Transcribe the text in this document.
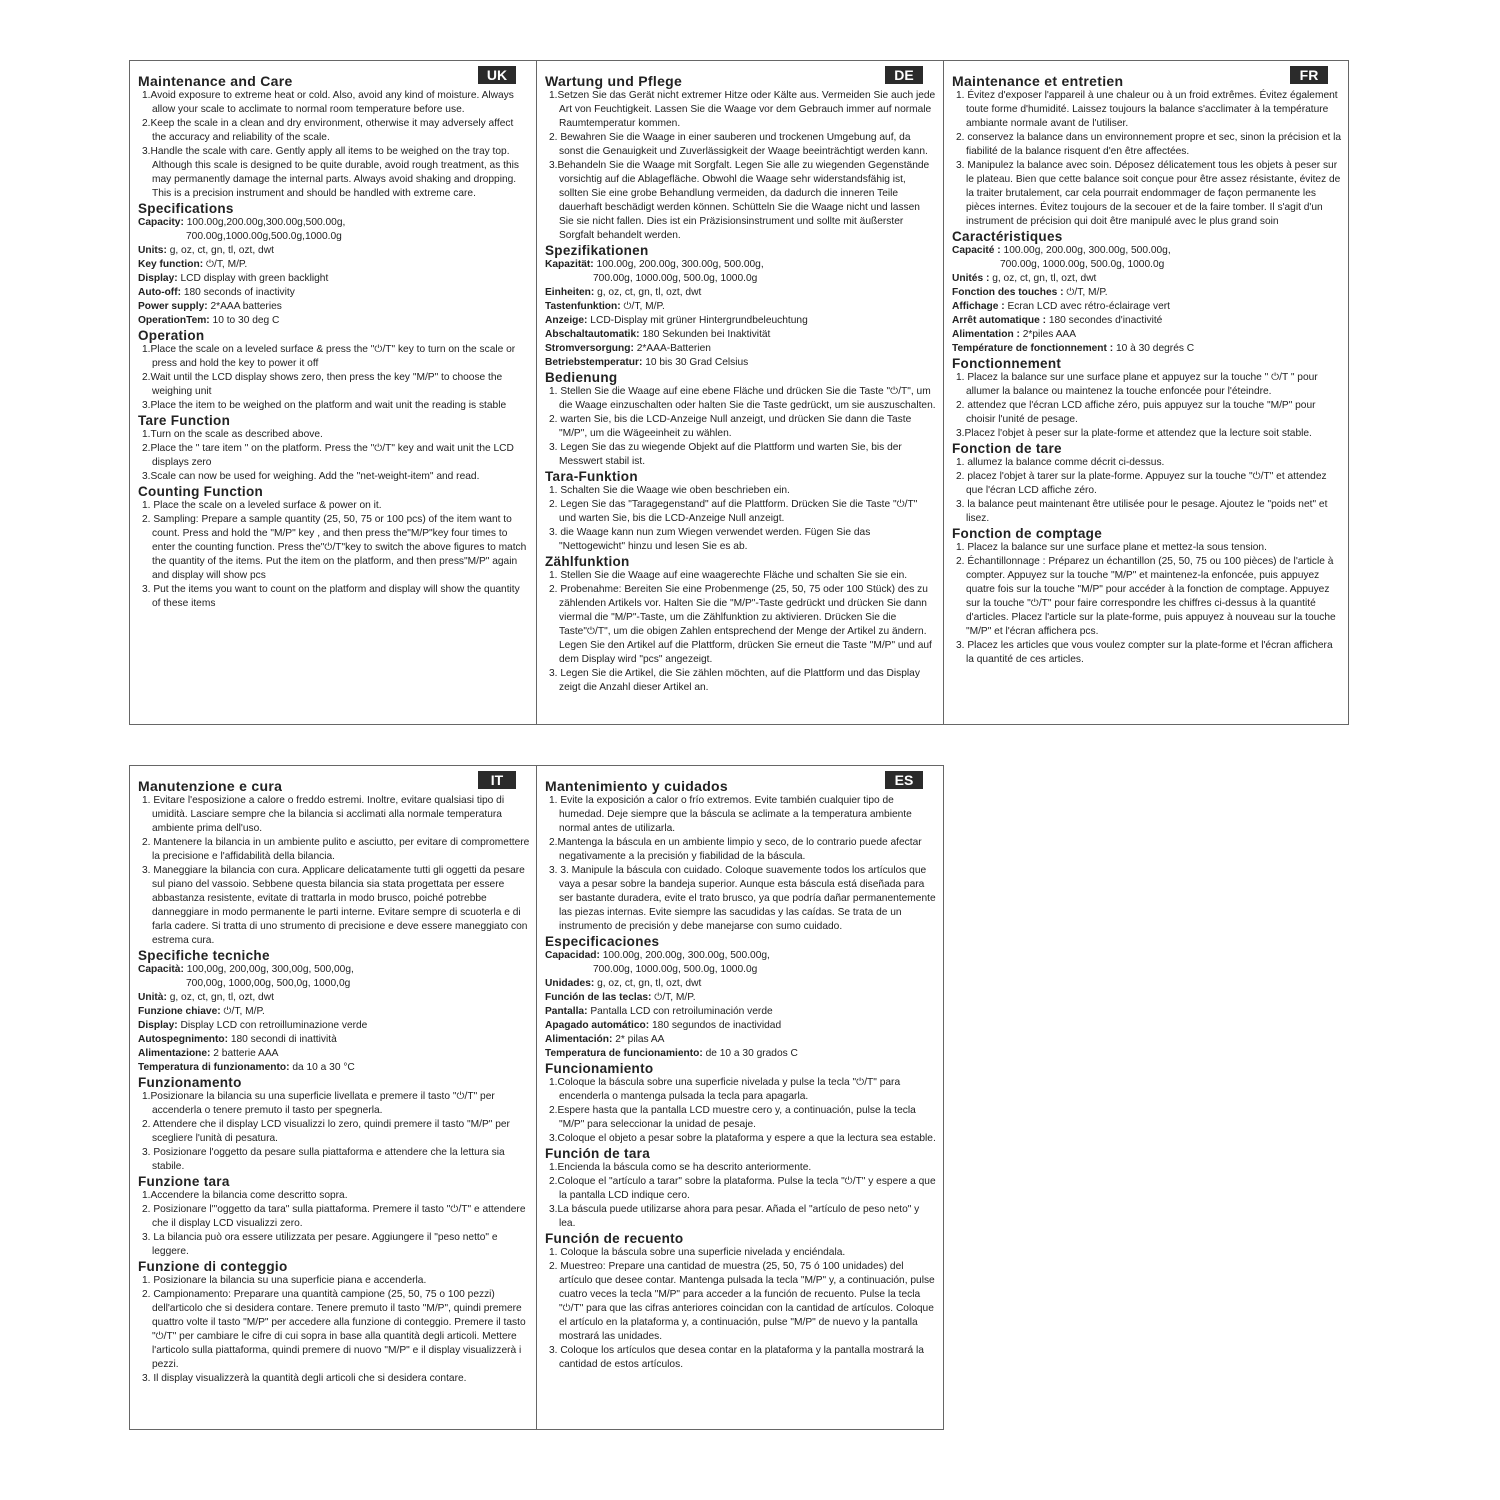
UK
Maintenance and Care

1.Avoid exposure to extreme heat or cold. Also, avoid any kind of moisture. Always allow your scale to acclimate to normal room temperature before use.

2.Keep the scale in a clean and dry environment, otherwise it may adversely affect the accuracy and reliability of the scale.

3.Handle the scale with care. Gently apply all items to be weighed on the tray top. Although this scale is designed to be quite durable, avoid rough treatment, as this may permanently damage the internal parts. Always avoid shaking and dropping. This is a precision instrument and should be handled with extreme care.

Specifications

Capacity: 100.00g,200.00g,300.00g,500.00g,

700.00g,1000.00g,500.0g,1000.0g

Units: g, oz, ct, gn, tl, ozt, dwt

Key function: ⏻/T, M/P.

Display: LCD display with green backlight

Auto-off: 180 seconds of inactivity

Power supply: 2*AAA batteries

OperationTem: 10 to 30 deg C

Operation

1.Place the scale on a leveled surface & press the "⏻/T" key to turn on the scale or press and hold the key to power it off

2.Wait until the LCD display shows zero, then press the key "M/P" to choose the weighing unit

3.Place the item to be weighed on the platform and wait unit the reading is stable

Tare Function

1.Turn on the scale as described above.

2.Place the " tare item " on the platform. Press the "⏻/T" key and wait unit the LCD displays zero

3.Scale can now be used for weighing. Add the "net-weight-item" and read.

Counting Function

1. Place the scale on a leveled surface & power on it.

2. Sampling: Prepare a sample quantity (25, 50, 75 or 100 pcs) of the item want to count. Press and hold the "M/P" key , and then press the"M/P"key four times to enter the counting function. Press the"⏻/T"key to switch the above figures to match the quantity of the items. Put the item on the platform, and then press"M/P" again and display will show pcs

3. Put the items you want to count on the platform and display will show the quantity of these items

DE
Wartung und Pflege

1.Setzen Sie das Gerät nicht extremer Hitze oder Kälte aus. Vermeiden Sie auch jede Art von Feuchtigkeit. Lassen Sie die Waage vor dem Gebrauch immer auf normale Raumtemperatur kommen.

2. Bewahren Sie die Waage in einer sauberen und trockenen Umgebung auf, da sonst die Genauigkeit und Zuverlässigkeit der Waage beeinträchtigt werden kann.

3.Behandeln Sie die Waage mit Sorgfalt. Legen Sie alle zu wiegenden Gegenstände vorsichtig auf die Ablagefläche. Obwohl die Waage sehr widerstandsfähig ist, sollten Sie eine grobe Behandlung vermeiden, da dadurch die inneren Teile dauerhaft beschädigt werden können. Schütteln Sie die Waage nicht und lassen Sie sie nicht fallen. Dies ist ein Präzisionsinstrument und sollte mit äußerster Sorgfalt behandelt werden.

Spezifikationen

Kapazität: 100.00g, 200.00g, 300.00g, 500.00g,

700.00g, 1000.00g, 500.0g, 1000.0g

Einheiten: g, oz, ct, gn, tl, ozt, dwt

Tastenfunktion: ⏻/T, M/P.

Anzeige: LCD-Display mit grüner Hintergrundbeleuchtung

Abschaltautomatik: 180 Sekunden bei Inaktivität

Stromversorgung: 2*AAA-Batterien

Betriebstemperatur: 10 bis 30 Grad Celsius

Bedienung

1. Stellen Sie die Waage auf eine ebene Fläche und drücken Sie die Taste "⏻/T", um die Waage einzuschalten oder halten Sie die Taste gedrückt, um sie auszuschalten.

2. warten Sie, bis die LCD-Anzeige Null anzeigt, und drücken Sie dann die Taste "M/P", um die Wägeeinheit zu wählen.

3. Legen Sie das zu wiegende Objekt auf die Plattform und warten Sie, bis der Messwert stabil ist.

Tara-Funktion

1. Schalten Sie die Waage wie oben beschrieben ein.

2. Legen Sie das "Taragegenstand" auf die Plattform. Drücken Sie die Taste "⏻/T" und warten Sie, bis die LCD-Anzeige Null anzeigt.

3. die Waage kann nun zum Wiegen verwendet werden. Fügen Sie das "Nettogewicht" hinzu und lesen Sie es ab.

Zählfunktion

1. Stellen Sie die Waage auf eine waagerechte Fläche und schalten Sie sie ein.

2. Probenahme: Bereiten Sie eine Probenmenge (25, 50, 75 oder 100 Stück) des zu zählenden Artikels vor. Halten Sie die "M/P"-Taste gedrückt und drücken Sie dann viermal die "M/P"-Taste, um die Zählfunktion zu aktivieren. Drücken Sie die Taste"⏻/T", um die obigen Zahlen entsprechend der Menge der Artikel zu ändern. Legen Sie den Artikel auf die Plattform, drücken Sie erneut die Taste "M/P" und auf dem Display wird "pcs" angezeigt.

3. Legen Sie die Artikel, die Sie zählen möchten, auf die Plattform und das Display zeigt die Anzahl dieser Artikel an.

FR
Maintenance et entretien

1. Évitez d'exposer l'appareil à une chaleur ou à un froid extrêmes. Évitez également toute forme d'humidité. Laissez toujours la balance s'acclimater à la température ambiante normale avant de l'utiliser.

2. conservez la balance dans un environnement propre et sec, sinon la précision et la fiabilité de la balance risquent d'en être affectées.

3. Manipulez la balance avec soin. Déposez délicatement tous les objets à peser sur le plateau. Bien que cette balance soit conçue pour être assez résistante, évitez de la traiter brutalement, car cela pourrait endommager de façon permanente les pièces internes. Évitez toujours de la secouer et de la faire tomber. Il s'agit d'un instrument de précision qui doit être manipulé avec le plus grand soin

Caractéristiques

Capacité : 100.00g, 200.00g, 300.00g, 500.00g,

700.00g, 1000.00g, 500.0g, 1000.0g

Unités : g, oz, ct, gn, tl, ozt, dwt

Fonction des touches : ⏻/T, M/P.

Affichage : Ecran LCD avec rétro-éclairage vert

Arrêt automatique : 180 secondes d'inactivité

Alimentation : 2*piles AAA

Température de fonctionnement : 10 à 30 degrés C

Fonctionnement

1. Placez la balance sur une surface plane et appuyez sur la touche " ⏻/T " pour allumer la balance ou maintenez la touche enfoncée pour l'éteindre.

2. attendez que l'écran LCD affiche zéro, puis appuyez sur la touche "M/P" pour choisir l'unité de pesage.

3.Placez l'objet à peser sur la plate-forme et attendez que la lecture soit stable.

Fonction de tare

1. allumez la balance comme décrit ci-dessus.

2. placez l'objet à tarer sur la plate-forme. Appuyez sur la touche "⏻/T" et attendez que l'écran LCD affiche zéro.

3. la balance peut maintenant être utilisée pour le pesage. Ajoutez le "poids net" et lisez.

Fonction de comptage

1. Placez la balance sur une surface plane et mettez-la sous tension.

2. Échantillonnage : Préparez un échantillon (25, 50, 75 ou 100 pièces) de l'article à compter. Appuyez sur la touche "M/P" et maintenez-la enfoncée, puis appuyez quatre fois sur la touche "M/P" pour accéder à la fonction de comptage. Appuyez sur la touche "⏻/T" pour faire correspondre les chiffres ci-dessus à la quantité d'articles. Placez l'article sur la plate-forme, puis appuyez à nouveau sur la touche "M/P" et l'écran affichera pcs.

3. Placez les articles que vous voulez compter sur la plate-forme et l'écran affichera la quantité de ces articles.

IT
Manutenzione e cura

1. Evitare l'esposizione a calore o freddo estremi. Inoltre, evitare qualsiasi tipo di umidità. Lasciare sempre che la bilancia si acclimati alla normale temperatura ambiente prima dell'uso.

2. Mantenere la bilancia in un ambiente pulito e asciutto, per evitare di compromettere la precisione e l'affidabilità della bilancia.

3. Maneggiare la bilancia con cura. Applicare delicatamente tutti gli oggetti da pesare sul piano del vassoio. Sebbene questa bilancia sia stata progettata per essere abbastanza resistente, evitate di trattarla in modo brusco, poiché potrebbe danneggiare in modo permanente le parti interne. Evitare sempre di scuoterla e di farla cadere. Si tratta di uno strumento di precisione e deve essere maneggiato con estrema cura.

Specifiche tecniche

Capacità: 100,00g, 200,00g, 300,00g, 500,00g,

700,00g, 1000,00g, 500,0g, 1000,0g

Unità: g, oz, ct, gn, tl, ozt, dwt

Funzione chiave: ⏻/T, M/P.

Display: Display LCD con retroilluminazione verde

Autospegnimento: 180 secondi di inattività

Alimentazione: 2 batterie AAA

Temperatura di funzionamento: da 10 a 30 °C

Funzionamento

1.Posizionare la bilancia su una superficie livellata e premere il tasto "⏻/T" per accenderla o tenere premuto il tasto per spegnerla.

2. Attendere che il display LCD visualizzi lo zero, quindi premere il tasto "M/P" per scegliere l'unità di pesatura.

3. Posizionare l'oggetto da pesare sulla piattaforma e attendere che la lettura sia stabile.

Funzione tara

1.Accendere la bilancia come descritto sopra.

2. Posizionare l'"oggetto da tara" sulla piattaforma. Premere il tasto "⏻/T" e attendere che il display LCD visualizzi zero.

3. La bilancia può ora essere utilizzata per pesare. Aggiungere il "peso netto" e leggere.

Funzione di conteggio

1. Posizionare la bilancia su una superficie piana e accenderla.

2. Campionamento: Preparare una quantità campione (25, 50, 75 o 100 pezzi) dell'articolo che si desidera contare. Tenere premuto il tasto "M/P", quindi premere quattro volte il tasto "M/P" per accedere alla funzione di conteggio. Premere il tasto "⏻/T" per cambiare le cifre di cui sopra in base alla quantità degli articoli. Mettere l'articolo sulla piattaforma, quindi premere di nuovo "M/P" e il display visualizzerà i pezzi.

3. Il display visualizzerà la quantità degli articoli che si desidera contare.

ES
Mantenimiento y cuidados

1. Evite la exposición a calor o frío extremos. Evite también cualquier tipo de humedad. Deje siempre que la báscula se aclimate a la temperatura ambiente normal antes de utilizarla.

2.Mantenga la báscula en un ambiente limpio y seco, de lo contrario puede afectar negativamente a la precisión y fiabilidad de la báscula.

3. 3. Manipule la báscula con cuidado. Coloque suavemente todos los artículos que vaya a pesar sobre la bandeja superior. Aunque esta báscula está diseñada para ser bastante duradera, evite el trato brusco, ya que podría dañar permanentemente las piezas internas. Evite siempre las sacudidas y las caídas. Se trata de un instrumento de precisión y debe manejarse con sumo cuidado.

Especificaciones

Capacidad: 100.00g, 200.00g, 300.00g, 500.00g,

700.00g, 1000.00g, 500.0g, 1000.0g

Unidades: g, oz, ct, gn, tl, ozt, dwt

Función de las teclas: ⏻/T, M/P.

Pantalla: Pantalla LCD con retroiluminación verde

Apagado automático: 180 segundos de inactividad

Alimentación: 2* pilas AA

Temperatura de funcionamiento: de 10 a 30 grados C

Funcionamiento

1.Coloque la báscula sobre una superficie nivelada y pulse la tecla "⏻/T" para encenderla o mantenga pulsada la tecla para apagarla.

2.Espere hasta que la pantalla LCD muestre cero y, a continuación, pulse la tecla "M/P" para seleccionar la unidad de pesaje.

3.Coloque el objeto a pesar sobre la plataforma y espere a que la lectura sea estable.

Función de tara

1.Encienda la báscula como se ha descrito anteriormente.

2.Coloque el "artículo a tarar" sobre la plataforma. Pulse la tecla "⏻/T" y espere a que la pantalla LCD indique cero.

3.La báscula puede utilizarse ahora para pesar. Añada el "artículo de peso neto" y lea.

Función de recuento

1. Coloque la báscula sobre una superficie nivelada y enciéndala.

2. Muestreo: Prepare una cantidad de muestra (25, 50, 75 ó 100 unidades) del artículo que desee contar. Mantenga pulsada la tecla "M/P" y, a continuación, pulse cuatro veces la tecla "M/P" para acceder a la función de recuento. Pulse la tecla "⏻/T" para que las cifras anteriores coincidan con la cantidad de artículos. Coloque el artículo en la plataforma y, a continuación, pulse "M/P" de nuevo y la pantalla mostrará las unidades.

3. Coloque los artículos que desea contar en la plataforma y la pantalla mostrará la cantidad de estos artículos.
